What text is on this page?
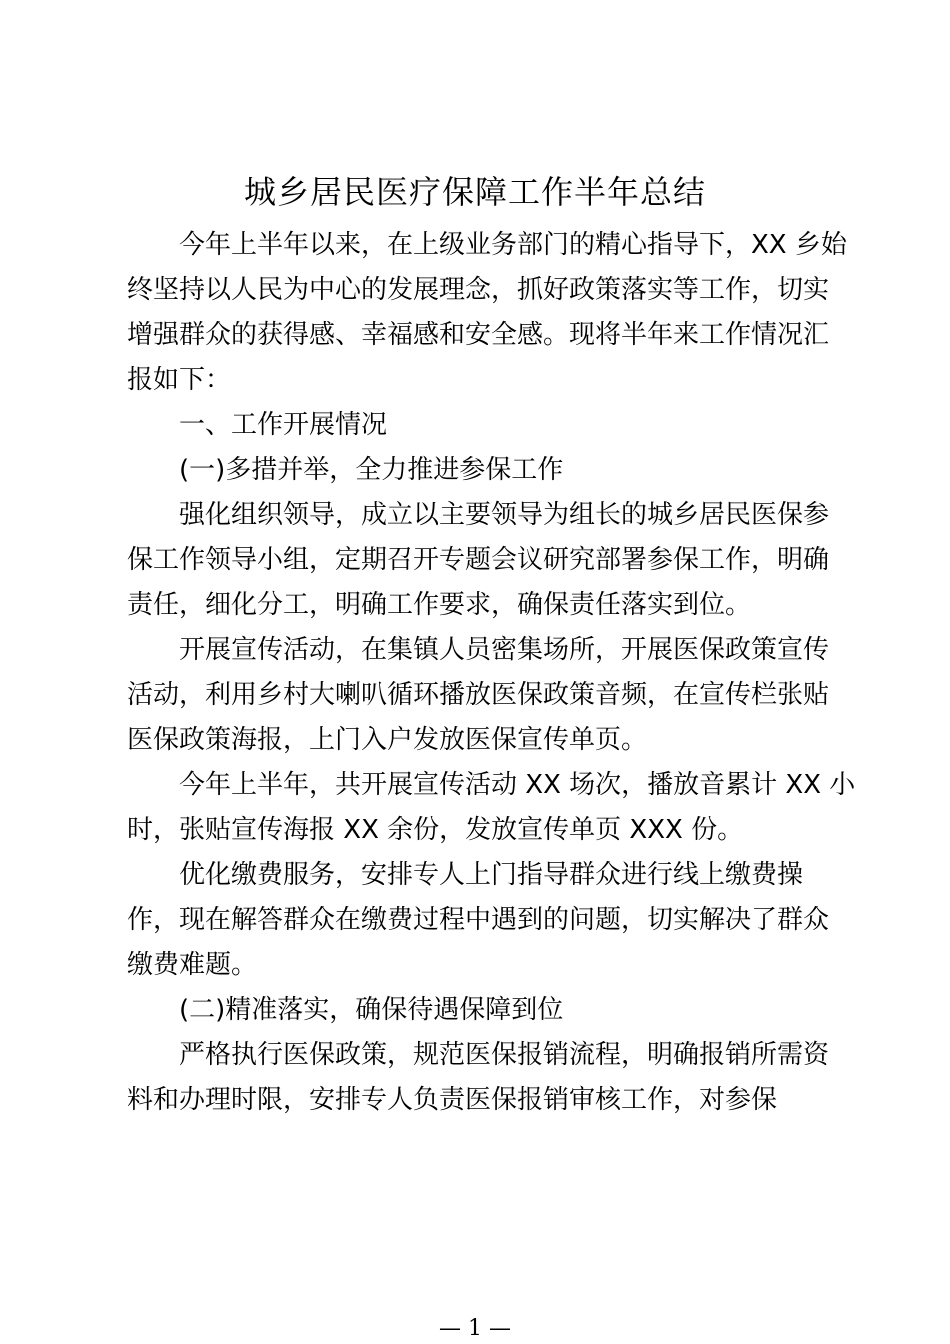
城乡居民医疗保障工作半年总结
今年上半年以来，在上级业务部门的精心指导下，XX 乡始
终坚持以人民为中心的发展理念，抓好政策落实等工作，切实
增强群众的获得感、幸福感和安全感。现将半年来工作情况汇
报如下：
一、工作开展情况
(一)多措并举，全力推进参保工作
强化组织领导，成立以主要领导为组长的城乡居民医保参
保工作领导小组，定期召开专题会议研究部署参保工作，明确
责任，细化分工，明确工作要求，确保责任落实到位。
开展宣传活动，在集镇人员密集场所，开展医保政策宣传
活动，利用乡村大喇叭循环播放医保政策音频，在宣传栏张贴
医保政策海报，上门入户发放医保宣传单页。
今年上半年，共开展宣传活动 XX 场次，播放音累计 XX 小
时，张贴宣传海报 XX 余份，发放宣传单页 XXX 份。
优化缴费服务，安排专人上门指导群众进行线上缴费操
作，现在解答群众在缴费过程中遇到的问题，切实解决了群众
缴费难题。
(二)精准落实，确保待遇保障到位
严格执行医保政策，规范医保报销流程，明确报销所需资
料和办理时限，安排专人负责医保报销审核工作，对参保
— 1 —
